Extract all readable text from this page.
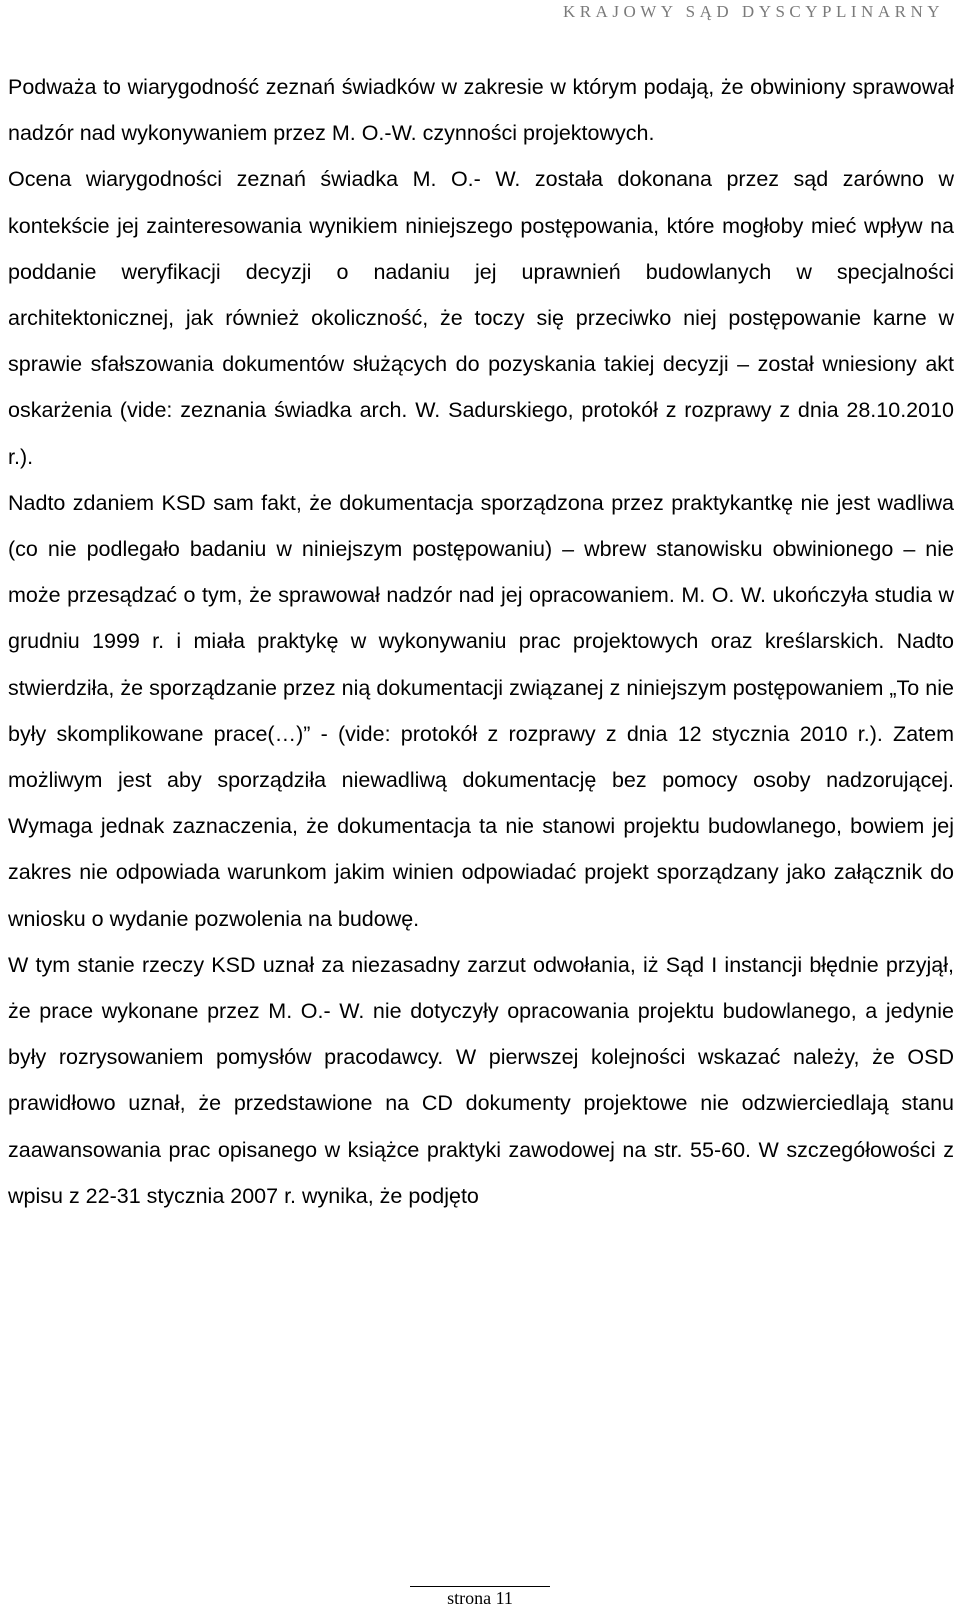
KRAJOWY SĄD DYSCYPLINARNY

Podważa to wiarygodność zeznań świadków w zakresie w którym podają, że obwiniony sprawował nadzór nad wykonywaniem przez M. O.-W. czynności projektowych.

Ocena wiarygodności zeznań świadka M. O.- W. została dokonana przez sąd zarówno w kontekście jej zainteresowania wynikiem niniejszego postępowania, które mogłoby mieć wpływ na poddanie weryfikacji decyzji o nadaniu jej uprawnień budowlanych w specjalności architektonicznej, jak również okoliczność, że toczy się przeciwko niej postępowanie karne w sprawie sfałszowania dokumentów służących do pozyskania takiej decyzji – został wniesiony akt oskarżenia (vide: zeznania świadka arch. W. Sadurskiego, protokół z rozprawy z dnia 28.10.2010 r.).

Nadto zdaniem KSD sam fakt, że dokumentacja sporządzona przez praktykantkę nie jest wadliwa (co nie podlegało badaniu w niniejszym postępowaniu) – wbrew stanowisku obwinionego – nie może przesądzać o tym, że sprawował nadzór nad jej opracowaniem. M. O. W. ukończyła studia w grudniu 1999 r. i miała praktykę w wykonywaniu prac projektowych oraz kreślarskich. Nadto stwierdziła, że sporządzanie przez nią dokumentacji związanej z niniejszym postępowaniem „To nie były skomplikowane prace(…)” - (vide: protokół z rozprawy z dnia 12 stycznia 2010 r.). Zatem możliwym jest aby sporządziła niewadliwą dokumentację bez pomocy osoby nadzorującej. Wymaga jednak zaznaczenia, że dokumentacja ta nie stanowi projektu budowlanego, bowiem jej zakres nie odpowiada warunkom jakim winien odpowiadać projekt sporządzany jako załącznik do wniosku o wydanie pozwolenia na budowę.

W tym stanie rzeczy KSD uznał za niezasadny zarzut odwołania, iż Sąd I instancji błędnie przyjął, że prace wykonane przez M. O.- W. nie dotyczyły opracowania projektu budowlanego, a jedynie były rozrysowaniem pomysłów pracodawcy. W pierwszej kolejności wskazać należy, że OSD prawidłowo uznał, że przedstawione na CD dokumenty projektowe nie odzwierciedlają stanu zaawansowania prac opisanego w książce praktyki zawodowej na str. 55-60. W szczegółowości z wpisu z 22-31 stycznia 2007 r. wynika, że podjęto

strona 11
